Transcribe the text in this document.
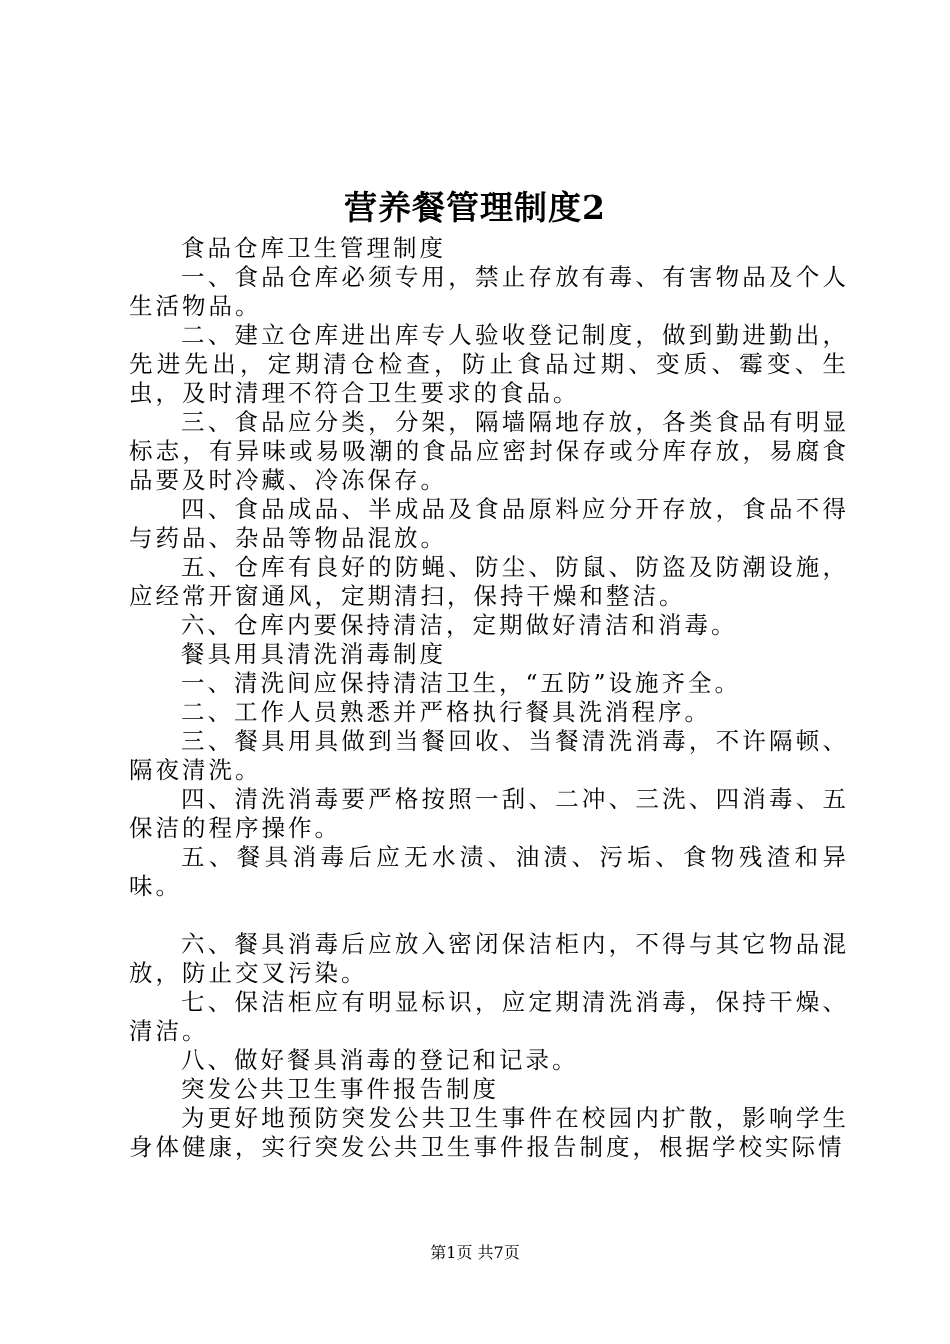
营养餐管理制度2

食品仓库卫生管理制度

一、食品仓库必须专用，禁止存放有毒、有害物品及个人生活物品。

二、建立仓库进出库专人验收登记制度，做到勤进勤出，先进先出，定期清仓检查，防止食品过期、变质、霉变、生虫，及时清理不符合卫生要求的食品。

三、食品应分类，分架，隔墙隔地存放，各类食品有明显标志，有异味或易吸潮的食品应密封保存或分库存放，易腐食品要及时冷藏、冷冻保存。

四、食品成品、半成品及食品原料应分开存放，食品不得与药品、杂品等物品混放。

五、仓库有良好的防蝇、防尘、防鼠、防盗及防潮设施，应经常开窗通风，定期清扫，保持干燥和整洁。

六、仓库内要保持清洁，定期做好清洁和消毒。

餐具用具清洗消毒制度

一、清洗间应保持清洁卫生，“五防”设施齐全。

二、工作人员熟悉并严格执行餐具洗消程序。

三、餐具用具做到当餐回收、当餐清洗消毒，不许隔顿、隔夜清洗。

四、清洗消毒要严格按照一刮、二冲、三洗、四消毒、五保洁的程序操作。

五、餐具消毒后应无水渍、油渍、污垢、食物残渣和异味。

六、餐具消毒后应放入密闭保洁柜内，不得与其它物品混放，防止交叉污染。

七、保洁柜应有明显标识，应定期清洗消毒，保持干燥、清洁。

八、做好餐具消毒的登记和记录。

突发公共卫生事件报告制度

为更好地预防突发公共卫生事件在校园内扩散，影响学生身体健康，实行突发公共卫生事件报告制度，根据学校实际情

第1页 共7页
